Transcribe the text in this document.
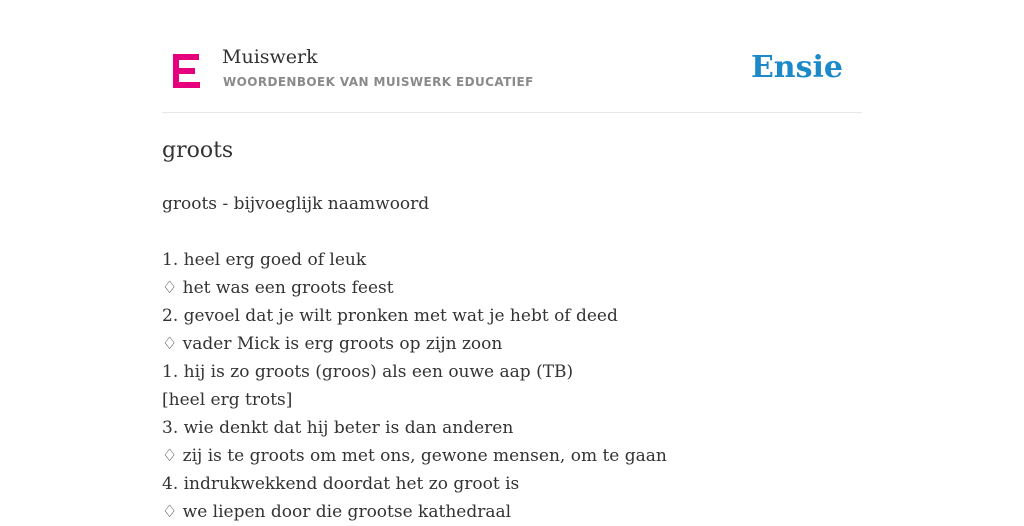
Muiswerk
WOORDENBOEK VAN MUISWERK EDUCATIEF	Ensie
groots
groots - bijvoeglijk naamwoord
1. heel erg goed of leuk
♢ het was een groots feest
2. gevoel dat je wilt pronken met wat je hebt of deed
♢ vader Mick is erg groots op zijn zoon
1. hij is zo groots (groos) als een ouwe aap (TB)
[heel erg trots]
3. wie denkt dat hij beter is dan anderen
♢ zij is te groots om met ons, gewone mensen, om te gaan
4. indrukwekkend doordat het zo groot is
♢ we liepen door die grootse kathedraal
